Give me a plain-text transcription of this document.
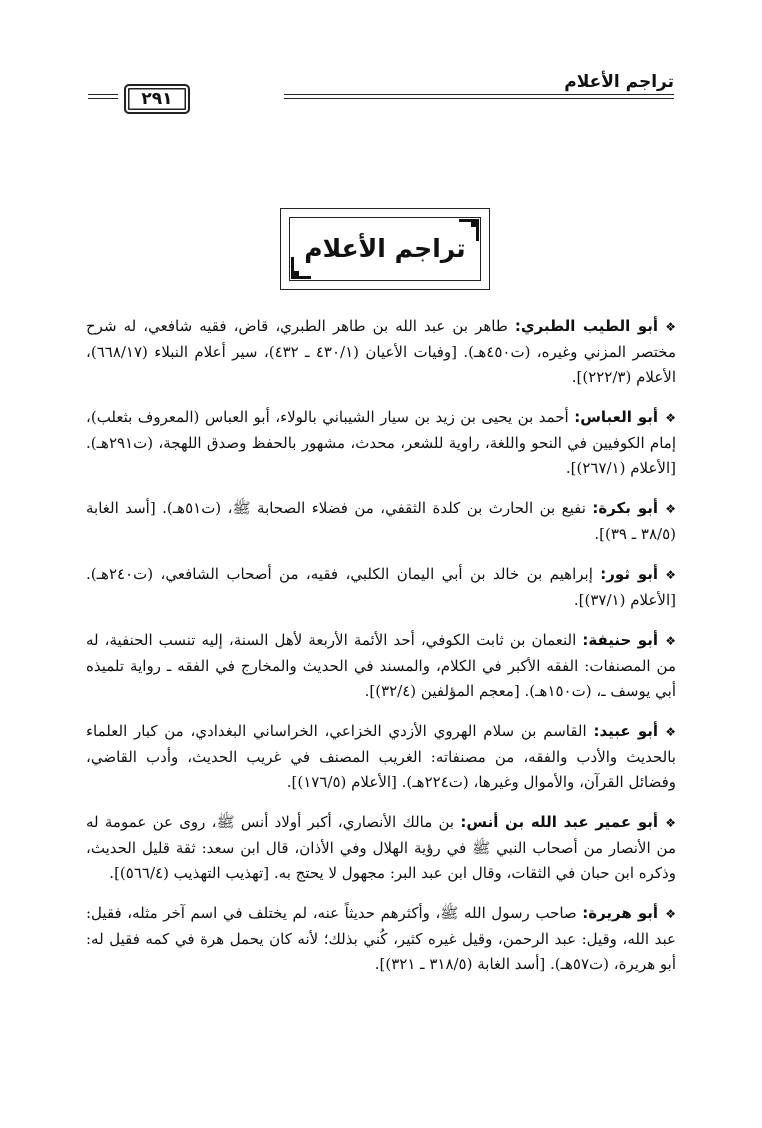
تراجم الأعلام
٢٩١
تراجم الأعلام

❖أبو الطيب الطبري: طاهر بن عبد الله بن طاهر الطبري، قاض، فقيه شافعي، له شرح مختصر المزني وغيره، (ت٤٥٠هـ). [وفيات الأعيان (٤٣٠/١ ـ ٤٣٢)، سير أعلام النبلاء (٦٦٨/١٧)، الأعلام (٢٢٢/٣)].

❖أبو العباس: أحمد بن يحيى بن زيد بن سيار الشيباني بالولاء، أبو العباس (المعروف بثعلب)، إمام الكوفيين في النحو واللغة، راوية للشعر، محدث، مشهور بالحفظ وصدق اللهجة، (ت٢٩١هـ). [الأعلام (٢٦٧/١)].

❖أبو بكرة: نفيع بن الحارث بن كلدة الثقفي، من فضلاء الصحابة ﷺ، (ت٥١هـ). [أسد الغابة (٣٨/٥ ـ ٣٩)].

❖أبو ثور: إبراهيم بن خالد بن أبي اليمان الكلبي، فقيه، من أصحاب الشافعي، (ت٢٤٠هـ). [الأعلام (٣٧/١)].

❖أبو حنيفة: النعمان بن ثابت الكوفي، أحد الأئمة الأربعة لأهل السنة، إليه تنسب الحنفية، له من المصنفات: الفقه الأكبر في الكلام، والمسند في الحديث والمخارج في الفقه ـ رواية تلميذه أبي يوسف ـ، (ت١٥٠هـ). [معجم المؤلفين (٣٢/٤)].

❖أبو عبيد: القاسم بن سلام الهروي الأزدي الخزاعي، الخراساني البغدادي، من كبار العلماء بالحديث والأدب والفقه، من مصنفاته: الغريب المصنف في غريب الحديث، وأدب القاضي، وفضائل القرآن، والأموال وغيرها، (ت٢٢٤هـ). [الأعلام (١٧٦/٥)].

❖أبو عمير عبد الله بن أنس: بن مالك الأنصاري، أكبر أولاد أنس ﷺ، روى عن عمومة له من الأنصار من أصحاب النبي ﷺ في رؤية الهلال وفي الأذان، قال ابن سعد: ثقة قليل الحديث، وذكره ابن حبان في الثقات، وقال ابن عبد البر: مجهول لا يحتج به. [تهذيب التهذيب (٥٦٦/٤)].

❖أبو هريرة: صاحب رسول الله ﷺ، وأكثرهم حديثاً عنه، لم يختلف في اسم آخر مثله، فقيل: عبد الله، وقيل: عبد الرحمن، وقيل غيره كثير، كُني بذلك؛ لأنه كان يحمل هرة في كمه فقيل له: أبو هريرة، (ت٥٧هـ). [أسد الغابة (٣١٨/٥ ـ ٣٢١)].
